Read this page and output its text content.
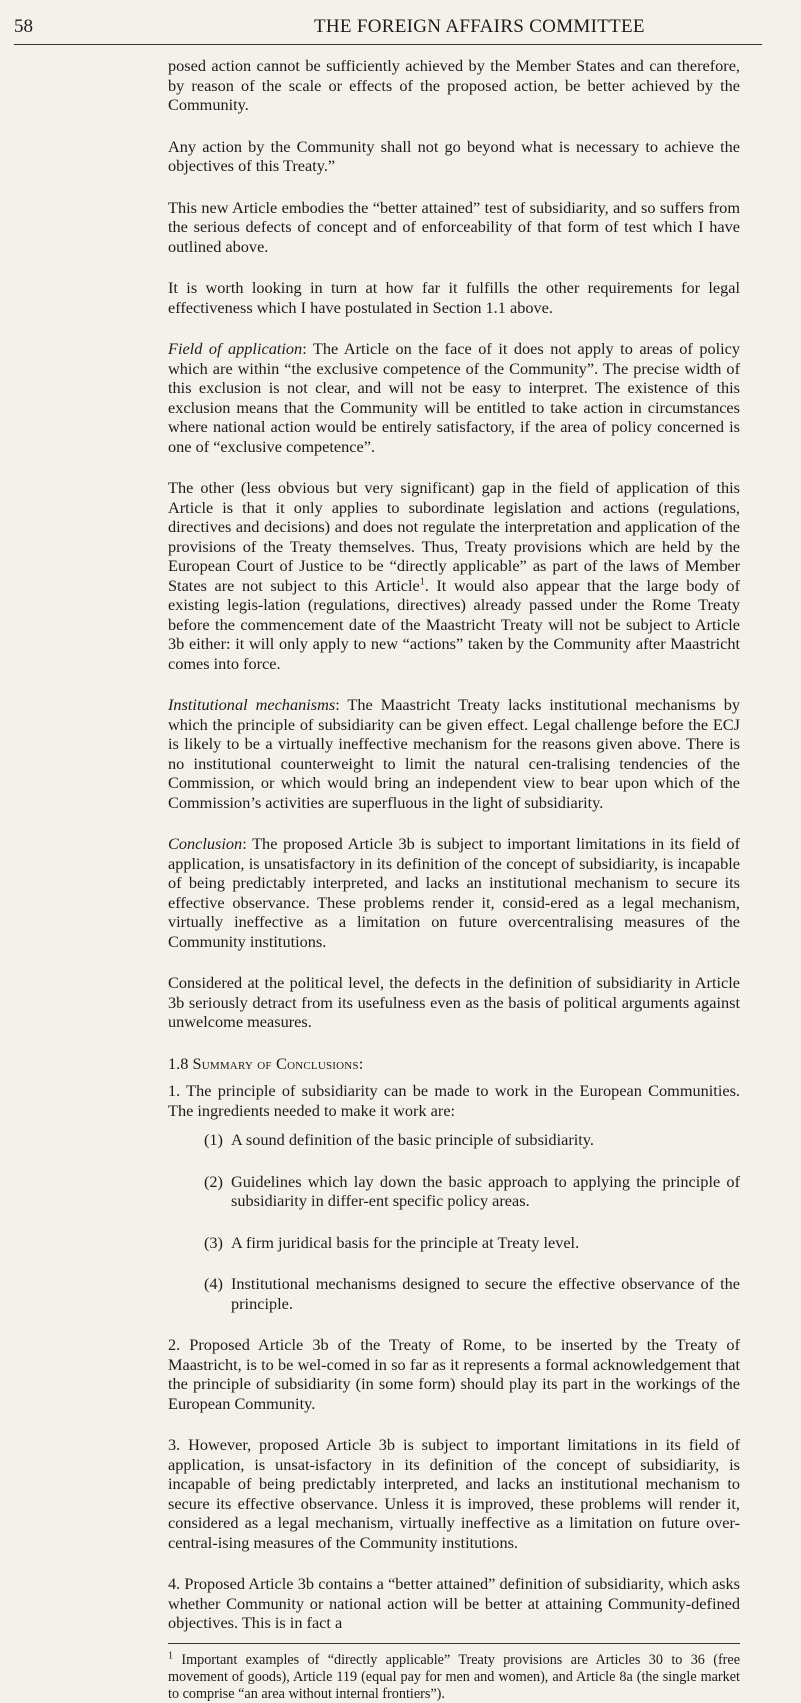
58	THE FOREIGN AFFAIRS COMMITTEE

posed action cannot be sufficiently achieved by the Member States and can therefore, by reason of the scale or effects of the proposed action, be better achieved by the Community.

Any action by the Community shall not go beyond what is necessary to achieve the objectives of this Treaty.”

This new Article embodies the “better attained” test of subsidiarity, and so suffers from the serious defects of concept and of enforceability of that form of test which I have outlined above.

It is worth looking in turn at how far it fulfills the other requirements for legal effectiveness which I have postulated in Section 1.1 above.

Field of application: The Article on the face of it does not apply to areas of policy which are within “the exclusive competence of the Community”. The precise width of this exclusion is not clear, and will not be easy to interpret. The existence of this exclusion means that the Community will be entitled to take action in circumstances where national action would be entirely satisfactory, if the area of policy concerned is one of “exclusive competence”.

The other (less obvious but very significant) gap in the field of application of this Article is that it only applies to subordinate legislation and actions (regulations, directives and decisions) and does not regulate the interpretation and application of the provisions of the Treaty themselves. Thus, Treaty provisions which are held by the European Court of Justice to be “directly applicable” as part of the laws of Member States are not subject to this Article$^1$. It would also appear that the large body of existing legis-lation (regulations, directives) already passed under the Rome Treaty before the commencement date of the Maastricht Treaty will not be subject to Article 3b either: it will only apply to new “actions” taken by the Community after Maastricht comes into force.

Institutional mechanisms: The Maastricht Treaty lacks institutional mechanisms by which the principle of subsidiarity can be given effect. Legal challenge before the ECJ is likely to be a virtually ineffective mechanism for the reasons given above. There is no institutional counterweight to limit the natural cen-tralising tendencies of the Commission, or which would bring an independent view to bear upon which of the Commission’s activities are superfluous in the light of subsidiarity.

Conclusion: The proposed Article 3b is subject to important limitations in its field of application, is unsatisfactory in its definition of the concept of subsidiarity, is incapable of being predictably interpreted, and lacks an institutional mechanism to secure its effective observance. These problems render it, consid-ered as a legal mechanism, virtually ineffective as a limitation on future overcentralising measures of the Community institutions.

Considered at the political level, the defects in the definition of subsidiarity in Article 3b seriously detract from its usefulness even as the basis of political arguments against unwelcome measures.

1.8 Summary of Conclusions:

1. The principle of subsidiarity can be made to work in the European Communities. The ingredients needed to make it work are:

(1) A sound definition of the basic principle of subsidiarity.
(2) Guidelines which lay down the basic approach to applying the principle of subsidiarity in differ-ent specific policy areas.
(3) A firm juridical basis for the principle at Treaty level.
(4) Institutional mechanisms designed to secure the effective observance of the principle.

2. Proposed Article 3b of the Treaty of Rome, to be inserted by the Treaty of Maastricht, is to be wel-comed in so far as it represents a formal acknowledgement that the principle of subsidiarity (in some form) should play its part in the workings of the European Community.

3. However, proposed Article 3b is subject to important limitations in its field of application, is unsat-isfactory in its definition of the concept of subsidiarity, is incapable of being predictably interpreted, and lacks an institutional mechanism to secure its effective observance. Unless it is improved, these problems will render it, considered as a legal mechanism, virtually ineffective as a limitation on future over-central-ising measures of the Community institutions.

4. Proposed Article 3b contains a “better attained” definition of subsidiarity, which asks whether Community or national action will be better at attaining Community-defined objectives. This is in fact a

$^1$ Important examples of “directly applicable” Treaty provisions are Articles 30 to 36 (free movement of goods), Article 119 (equal pay for men and women), and Article 8a (the single market to comprise “an area without internal frontiers”).
